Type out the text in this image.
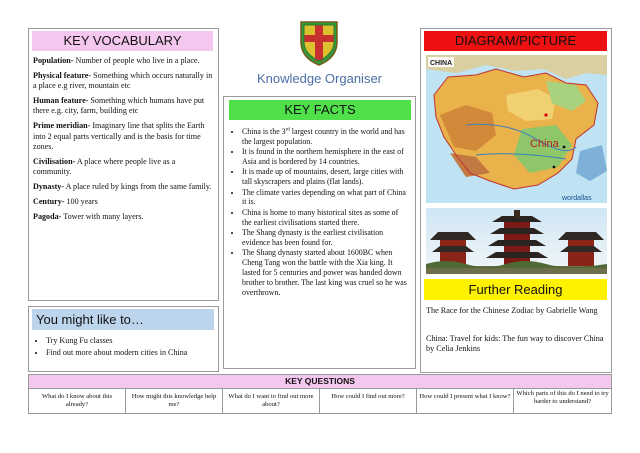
KEY VOCABULARY

Population- Number of people who live in a place.

Physical feature- Something which occurs naturally in a place e.g river, mountain etc

Human feature- Something which humans have put there e.g. city, farm, building etc

Prime meridian- Imaginary line that splits the Earth into 2 equal parts vertically and is the basis for time zones.

Civilisation- A place where people live as a community.

Dynasty- A place ruled by kings from the same family.

Century- 100 years

Pagoda- Tower with many layers.

Knowledge Organiser
KEY FACTS
• China is the 3rd largest country in the world and has the largest population.
• It is found in the northern hemisphere in the east of Asia and is bordered by 14 countries.
• It is made up of mountains, desert, large cities with tall skyscrapers and plains (flat lands).
• The climate varies depending on what part of China it is.
• China is home to many historical sites as some of the earliest civilisations started there.
• The Shang dynasty is the earliest civilisation evidence has been found for.
• The Shang dynasty started about 1600BC when Cheng Tang won the battle with the Xia king. It lasted for 5 centuries and power was handed down brother to brother. The last king was cruel so he was overthrown.
DIAGRAM/PICTURE
CHINA
China
wordallas
Further Reading
The Race for the Chinese Zodiac by Gabrielle Wang
China: Travel for kids: The fun way to discover China by Celia Jenkins
You might like to…
• Try Kung Fu classes
• Find out more about modern cities in China
KEY QUESTIONS
What do I know about this already?
How might this knowledge help me?
What do I want to find out more about?
How could I find out more?	How could I present what I know? Which parts of this do I need to try harder to understand?
